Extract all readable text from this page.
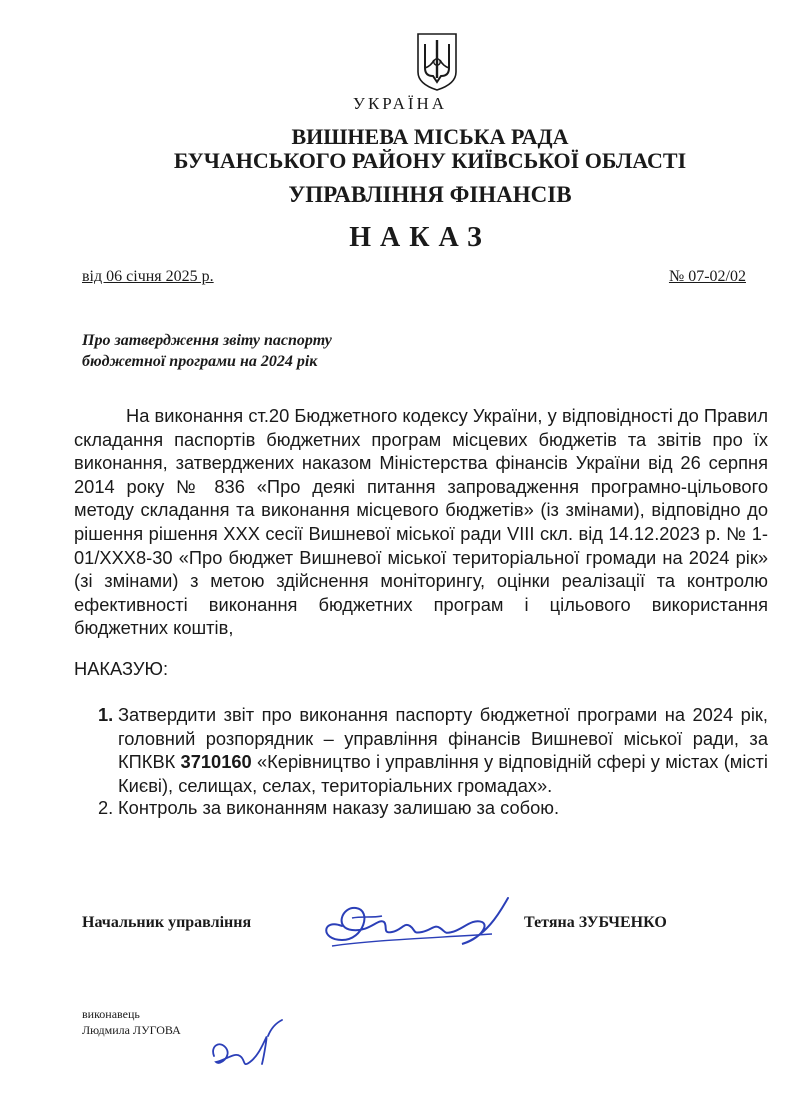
УКРАЇНА
ВИШНЕВА МІСЬКА РАДА
БУЧАНСЬКОГО РАЙОНУ КИЇВСЬКОЇ ОБЛАСТІ
УПРАВЛІННЯ ФІНАНСІВ
НАКАЗ
від 06 січня 2025 р.	№ 07-02/02
Про затвердження звіту паспорту
бюджетної програми на 2024 рік

На виконання ст.20 Бюджетного кодексу України, у відповідності до Правил складання паспортів бюджетних програм місцевих бюджетів та звітів про їх виконання, затверджених наказом Міністерства фінансів України від 26 серпня 2014 року № 836 «Про деякі питання запровадження програмно-цільового методу складання та виконання місцевого бюджетів» (із змінами), відповідно до рішення рішення ХХХ сесії Вишневої міської ради VIII скл. від 14.12.2023 р. № 1-01/XXX8-30 «Про бюджет Вишневої міської територіальної громади на 2024 рік» (зі змінами) з метою здійснення моніторингу, оцінки реалізації та контролю ефективності виконання бюджетних програм і цільового використання бюджетних коштів,

НАКАЗУЮ:
1. Затвердити звіт про виконання паспорту бюджетної програми на 2024 рік, головний розпорядник – управління фінансів Вишневої міської ради, за КПКВК 3710160 «Керівництво і управління у відповідній сфері у містах (місті Києві), селищах, селах, територіальних громадах».
2. Контроль за виконанням наказу залишаю за собою.
Начальник управління	Тетяна ЗУБЧЕНКО
виконавець
Людмила ЛУГОВА
